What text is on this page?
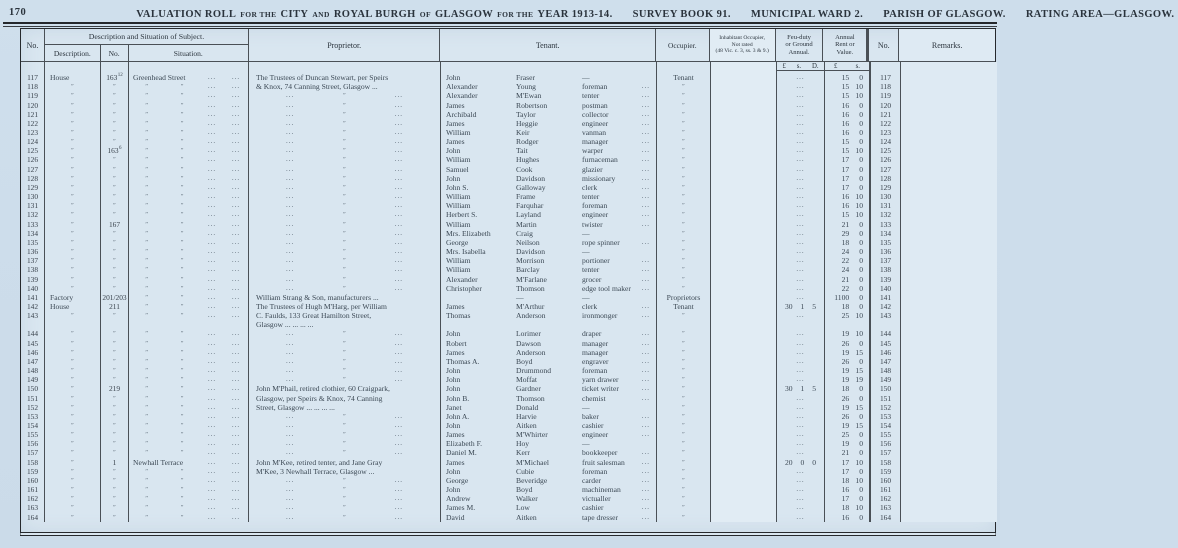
170	VALUATION ROLL FOR THE CITY AND ROYAL BURGH OF GLASGOW FOR THE YEAR 1913-14. SURVEY BOOK 91. MUNICIPAL WARD 2. PARISH OF GLASGOW. RATING AREA—GLASGOW.
No.
Description and Situation of Subject.
Description.	No.	Situation.
Proprietor.	Tenant.	Occupier.
Inhabitant Occupier,
Not rated
(48 Vic. c. 3, ss. 3 & 9.)
Feu-duty
or Ground
Annual.
Annual
Rent or
Value.
No.	Remarks.
£ s. D. £	s.
117	House	163 12	Greenhead Street	...	...	The Trustees of Duncan Stewart, per Speirs	John	Fraser	—	Tenant	...	15	0	117
118	″	″	″	″	...	...	& Knox, 74 Canning Street, Glasgow ...	Alexander	Young	foreman	...	″	...	15 10	118
119	″	″	″	″	...	...	...	″	...	Alexander	M'Ewan	tenter	...	″	...	15 10	119
120	″	″	″	″	...	...	...	″	...	James	Robertson	postman	...	″	...	16	0	120
121	″	″	″	″	...	...	...	″	...	Archibald	Taylor	collector	...	″	...	16	0	121
122	″	″	″	″	...	...	...	″	...	James	Heggie	engineer	...	″	...	16	0	122
123	″	″	″	″	...	...	...	″	...	William	Keir	vanman	...	″	...	16	0	123
124	″	″	″	″	...	...	...	″	...	James	Rodger	manager	...	″	...	15	0	124
125	″	163 6	″	″	...	...	...	″	...	John	Tait	warper	...	″	...	15 10	125
126	″	″	″	″	...	...	...	″	...	William	Hughes	furnaceman	...	″	...	17	0	126
127	″	″	″	″	...	...	...	″	...	Samuel	Cook	glazier	...	″	...	17	0	127
128	″	″	″	″	...	...	...	″	...	John	Davidson	missionary	...	″	...	17	0	128
129	″	″	″	″	...	...	...	″	...	John S.	Galloway	clerk	...	″	...	17	0	129
130	″	″	″	″	...	...	...	″	...	William	Frame	tenter	...	″	...	16 10	130
131	″	″	″	″	...	...	...	″	...	William	Farquhar	foreman	...	″	...	16 10	131
132	″	″	″	″	...	...	...	″	...	Herbert S.	Layland	engineer	...	″	...	15 10	132
133	″	167	″	″	...	...	...	″	...	William	Martin	twister	...	″	...	21	0	133
134	″	″	″	″	...	...	...	″	...	Mrs. Elizabeth	Craig	—	″	...	29	0	134
135	″	″	″	″	...	...	...	″	...	George	Neilson	rope spinner	...	″	...	18	0	135
136	″	″	″	″	...	...	...	″	...	Mrs. Isabella	Davidson	—	″	...	24	0	136
137	″	″	″	″	...	...	...	″	...	William	Morrison	portioner	...	″	...	22	0	137
138	″	″	″	″	...	...	...	″	...	William	Barclay	tenter	...	″	...	24	0	138
139	″	″	″	″	...	...	...	″	...	Alexander	M'Farlane	grocer	...	″	...	21	0	139
140	″	″	″	″	...	...	...	″	...	Christopher	Thomson	edge tool maker	...	″	...	22	0	140
141	Factory	201/203	″	″	...	...	William Strang & Son, manufacturers ...	—	—	Proprietors	...	1100	0	141
142	House	211	″	″	...	...	The Trustees of Hugh M'Harg, per William	James	M'Arthur	clerk	...	Tenant	30 1 5	18	0	142
143	″	″	″	″	...	...	C. Faulds, 133 Great Hamilton Street,	Thomas	Anderson	ironmonger	...	″	...	25 10	143
Glasgow ... ... ... ...
144	″	″	″	″	...	...	...	″	...	John	Lorimer	draper	...	″	...	19 10	144
145	″	″	″	″	...	...	...	″	...	Robert	Dawson	manager	...	″	...	26	0	145
146	″	″	″	″	...	...	...	″	...	James	Anderson	manager	...	″	...	19 15	146
147	″	″	″	″	...	...	...	″	...	Thomas A.	Boyd	engraver	...	″	...	26	0	147
148	″	″	″	″	...	...	...	″	...	John	Drummond	foreman	...	″	...	19 15	148
149	″	″	″	″	...	...	...	″	...	John	Moffat	yarn drawer	...	″	...	19 19	149
150	″	219	″	″	...	...	John M'Phail, retired clothier, 60 Craigpark,	John	Gardner	ticket writer	...	″	30 1 5	18	0	150
151	″	″	″	″	...	...	Glasgow, per Speirs & Knox, 74 Canning	John B.	Thomson	chemist	...	″	...	26	0	151
152	″	″	″	″	...	...	Street, Glasgow ... ... ... ...	Janet	Donald	—	″	...	19 15	152
153	″	″	″	″	...	...	...	″	...	John A.	Harvie	baker	...	″	...	26	0	153
154	″	″	″	″	...	...	...	″	...	John	Aitken	cashier	...	″	...	19 15	154
155	″	″	″	″	...	...	...	″	...	James	M'Whirter	engineer	...	″	...	25	0	155
156	″	″	″	″	...	...	...	″	...	Elizabeth F.	Hoy	—	″	...	19	0	156
157	″	″	″	″	...	...	...	″	...	Daniel M.	Kerr	bookkeeper	...	″	...	21	0	157
158	″	1	Newhall Terrace	...	...	John M'Kee, retired tenter, and Jane Gray	James	M'Michael	fruit salesman	...	″	20 0 0	17 10	158
159	″	″	″	″	...	...	M'Kee, 3 Newhall Terrace, Glasgow ...	John	Cubie	foreman	...	″	...	17	0	159
160	″	″	″	″	...	...	...	″	...	George	Beveridge	carder	...	″	...	18 10	160
161	″	″	″	″	...	...	...	″	...	John	Boyd	machineman	...	″	...	16	0	161
162	″	″	″	″	...	...	...	″	...	Andrew	Walker	victualler	...	″	...	17	0	162
163	″	″	″	″	...	...	...	″	...	James M.	Low	cashier	...	″	...	18 10	163
164	″	″	″	″	...	...	...	″	...	David	Aitken	tape dresser	...	″	...	16	0	164
